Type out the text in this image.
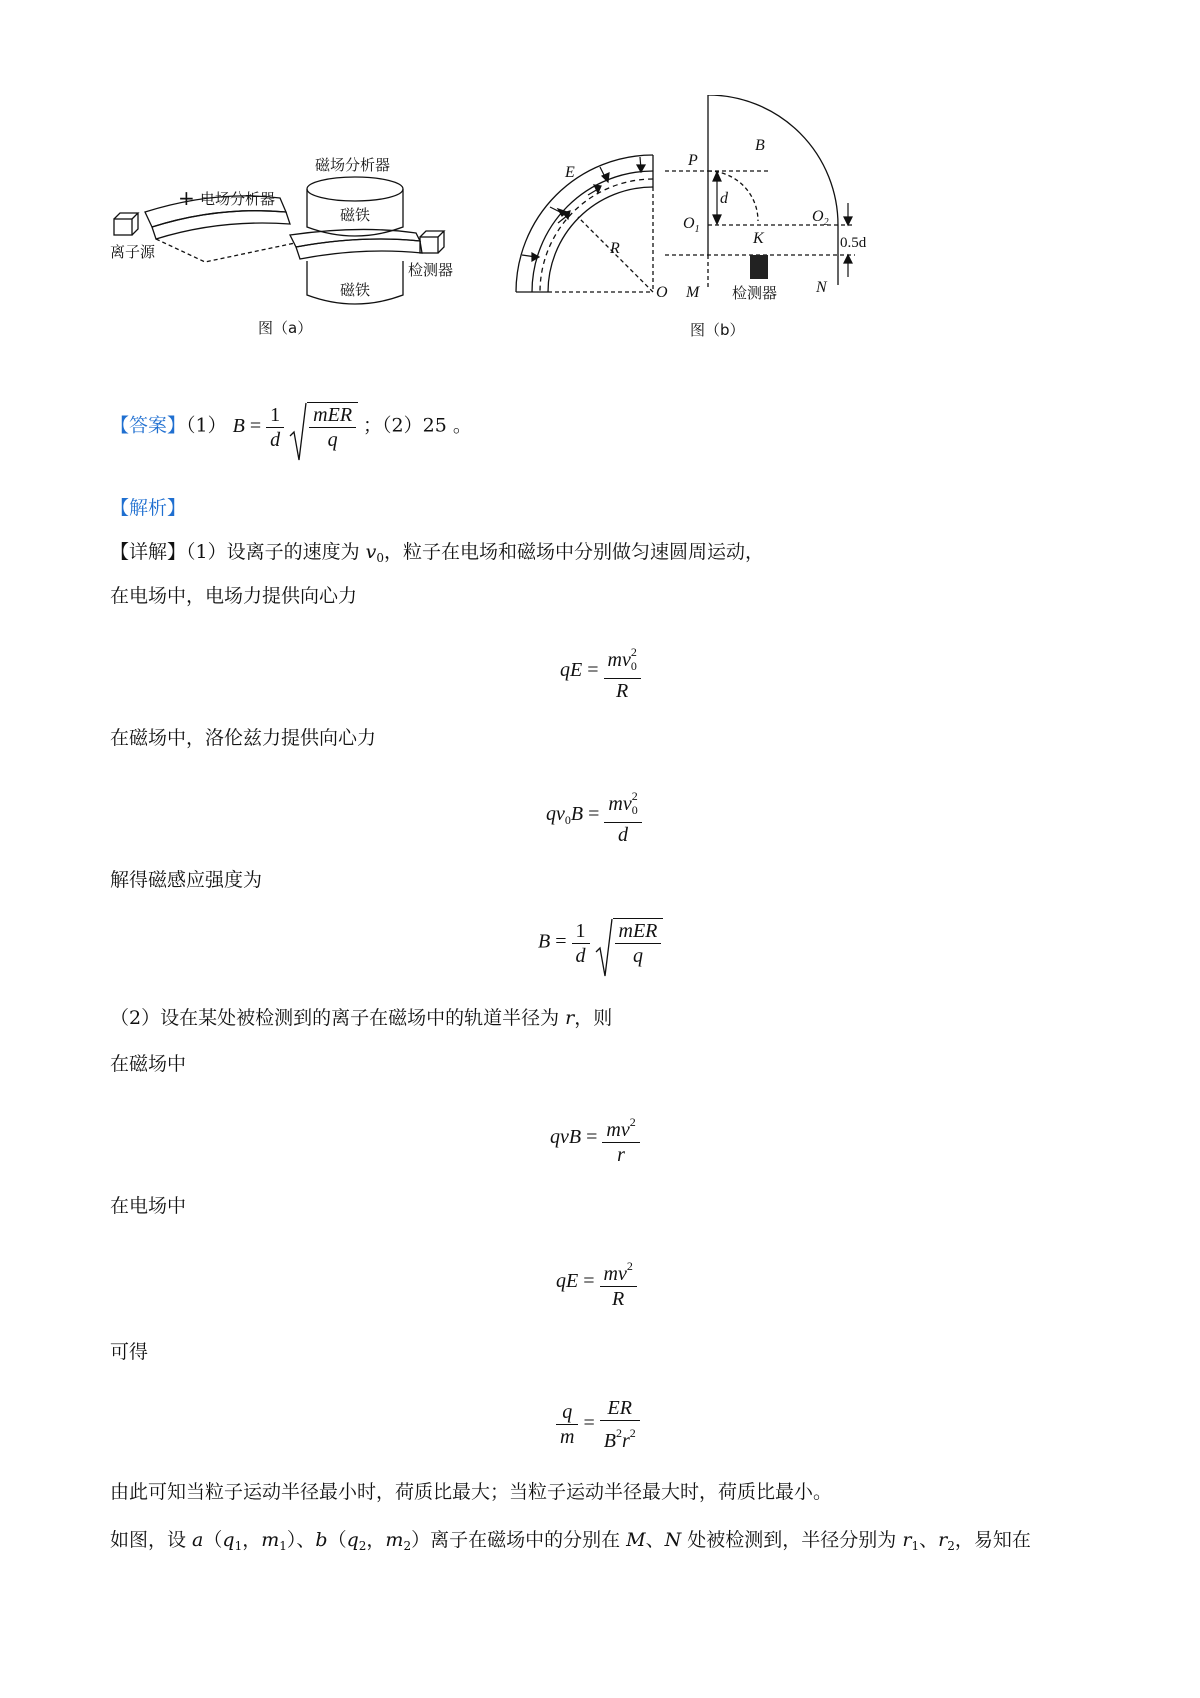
磁场分析器
+ 电场分析器
磁铁
磁铁
离子源
检测器
图（a）
E
P
B
d
$O_1$
$O_2$
K
R
O M	N
0.5d
检测器
图（b）
【答案】（1） $B = \frac{1}{d}$
$\frac{\text{mER}}{q}$ ；（2）25 。
【解析】
【详解】（1）设离子的速度为 $v_0$，粒子在电场和磁场中分别做匀速圆周运动，
在电场中，电场力提供向心力
qE = $\frac{mv^2_0}{R}$
在磁场中，洛伦兹力提供向心力
$qv_0B = \frac{mv^2_0}{d}$
解得磁感应强度为
$B = \frac{1}{d}$
$\frac{\text{mER}}{q}$
（2）设在某处被检测到的离子在磁场中的轨道半径为 r，则
在磁场中
qvB = $\frac{mv^2}{r}$
在电场中
qE = $\frac{mv^2}{R}$
可得
$\frac{q}{m} = \frac{ER}{B^2r^2}$
由此可知当粒子运动半径最小时，荷质比最大；当粒子运动半径最大时，荷质比最小。
如图，设 $a(q_1$，$m_1$）、$b(q_2$，$m_2$）离子在磁场中的分别在 M、N 处被检测到，半径分别为 $r_1$、$r_2$，易知在
